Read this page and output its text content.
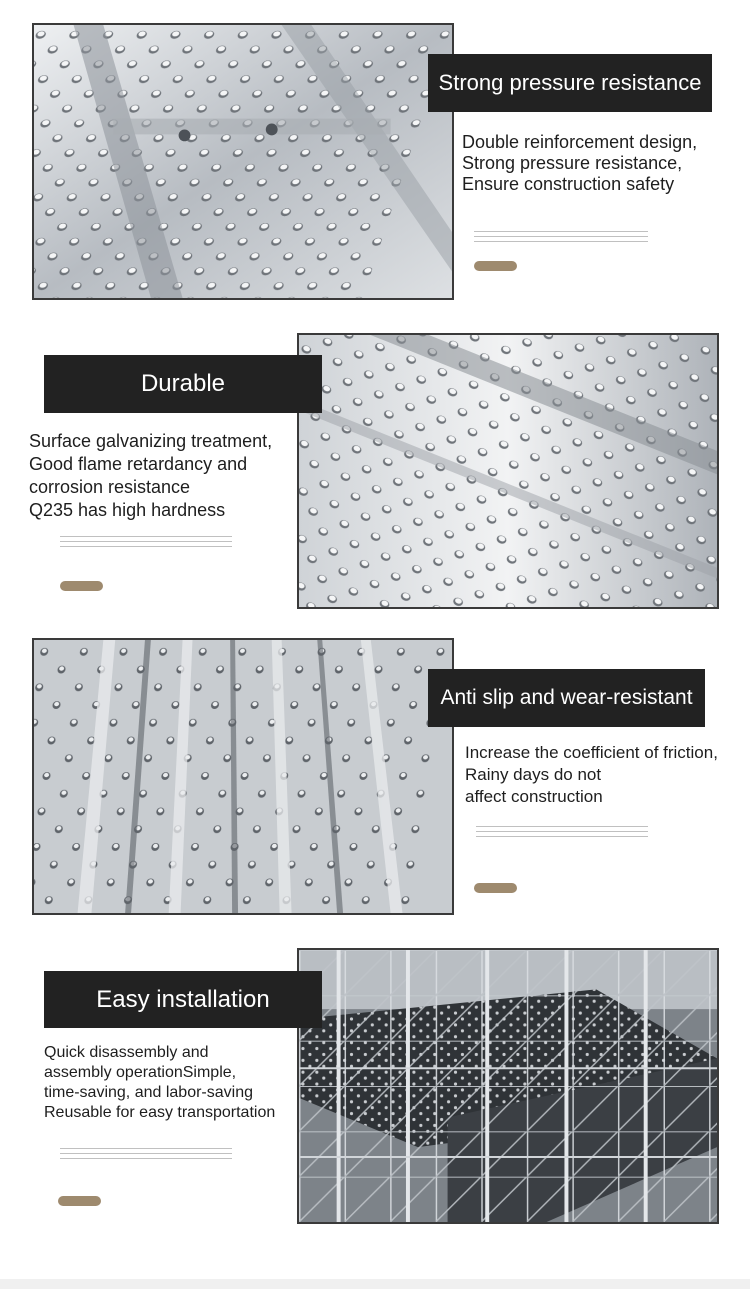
Strong pressure resistance
Double reinforcement design,
Strong pressure resistance,
Ensure construction safety
Durable
Surface galvanizing treatment,
Good flame retardancy and
corrosion resistance
Q235 has high hardness
Anti slip and wear-resistant
Increase the coefficient of friction,
Rainy days do not
affect construction
Easy installation
Quick disassembly and
assembly operationSimple,
time-saving, and labor-saving
Reusable for easy transportation
